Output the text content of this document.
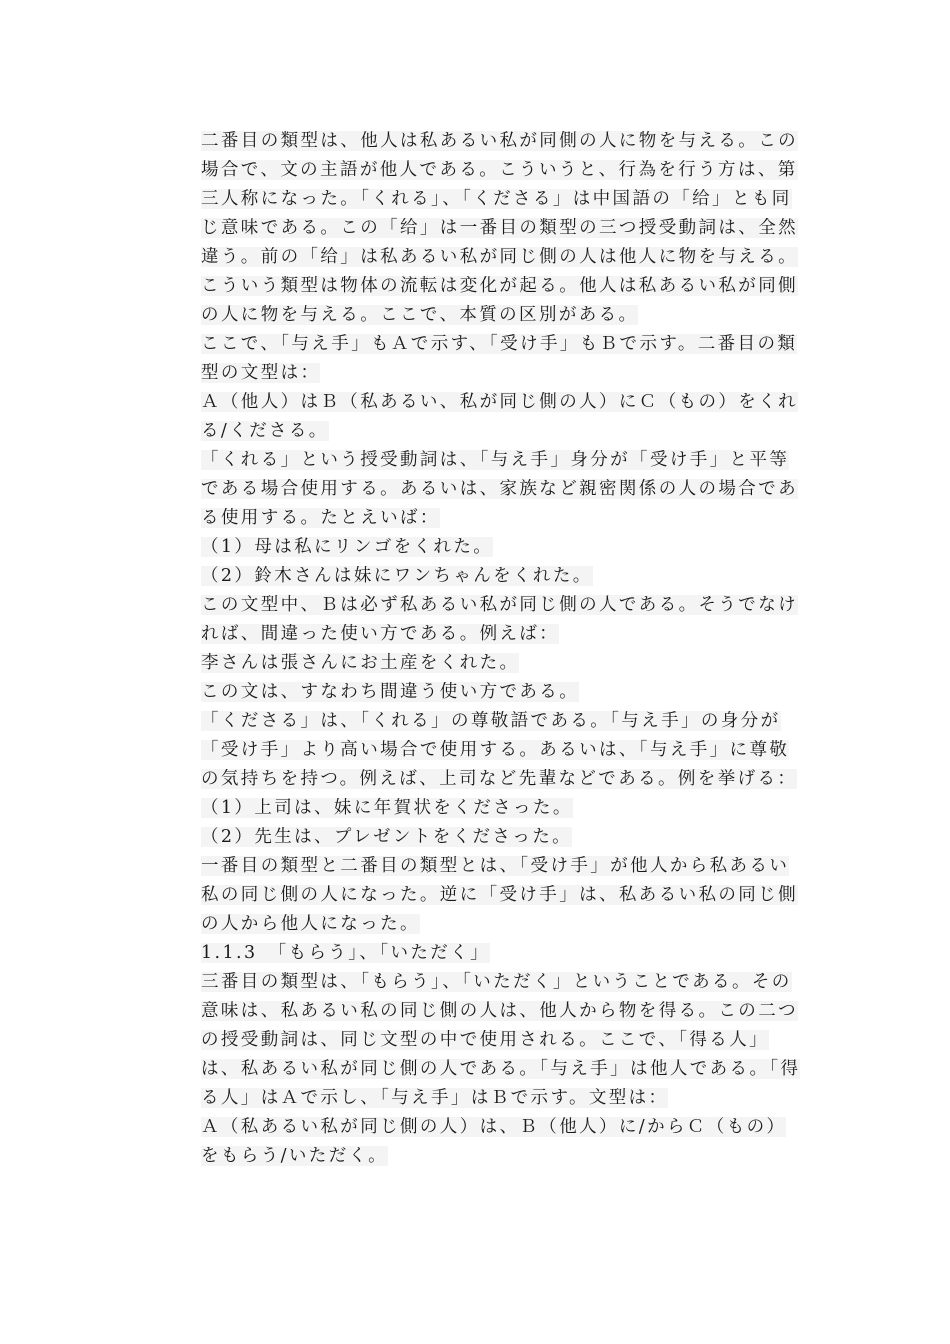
二番目の類型は、他人は私あるい私が同側の人に物を与える。この場合で、文の主語が他人である。こういうと、行為を行う方は、第三人称になった。「くれる」、「くださる」は中国語の「给」とも同じ意味である。この「给」は一番目の類型の三つ授受動詞は、全然違う。前の「给」は私あるい私が同じ側の人は他人に物を与える。こういう類型は物体の流転は変化が起る。他人は私あるい私が同側の人に物を与える。ここで、本質の区別がある。

ここで、「与え手」もＡで示す、「受け手」もＢで示す。二番目の類型の文型は：

Ａ（他人）はＢ（私あるい、私が同じ側の人）にＣ（もの）をくれる/くださる。

「くれる」という授受動詞は、「与え手」身分が「受け手」と平等である場合使用する。あるいは、家族など親密関係の人の場合である使用する。たとえいば：

（1）母は私にリンゴをくれた。

（2）鈴木さんは妹にワンちゃんをくれた。

この文型中、Ｂは必ず私あるい私が同じ側の人である。そうでなければ、間違った使い方である。例えば：

李さんは張さんにお土産をくれた。

この文は、すなわち間違う使い方である。

「くださる」は、「くれる」の尊敬語である。「与え手」の身分が「受け手」より高い場合で使用する。あるいは、「与え手」に尊敬の気持ちを持つ。例えば、上司など先輩などである。例を挙げる：

（1）上司は、妹に年賀状をくださった。

（2）先生は、プレゼントをくださった。

一番目の類型と二番目の類型とは、「受け手」が他人から私あるい私の同じ側の人になった。逆に「受け手」は、私あるい私の同じ側の人から他人になった。

1.1.3　「もらう」、「いただく」

三番目の類型は、「もらう」、「いただく」ということである。その意味は、私あるい私の同じ側の人は、他人から物を得る。この二つの授受動詞は、同じ文型の中で使用される。ここで、「得る人」は、私あるい私が同じ側の人である。「与え手」は他人である。「得る人」はＡで示し、「与え手」はＢで示す。文型は：

Ａ（私あるい私が同じ側の人）は、Ｂ（他人）に/からＣ（もの）をもらう/いただく。
